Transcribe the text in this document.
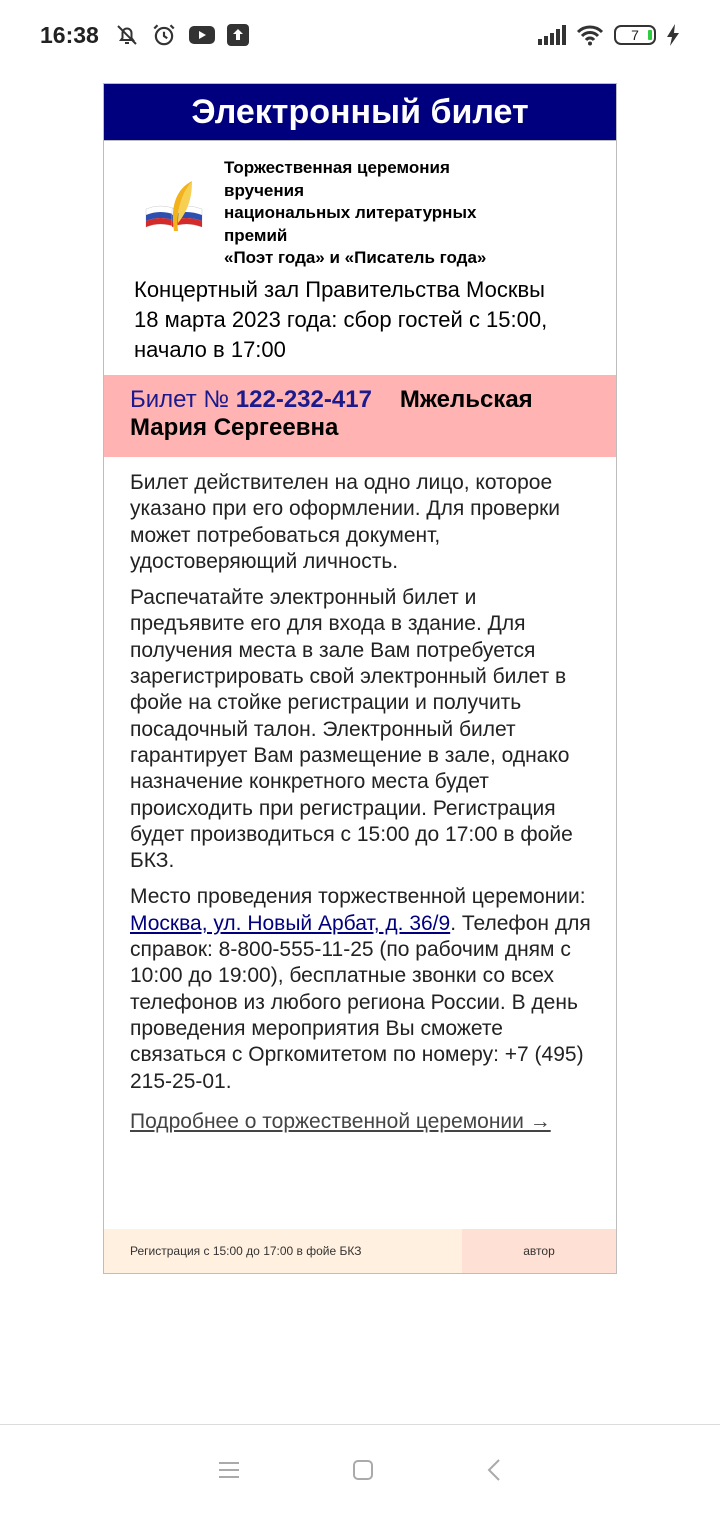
16:38	7
Электронный билет
Торжественная церемония
вручения
национальных литературных
премий
«Поэт года» и «Писатель года»
Концертный зал Правительства Москвы
18 марта 2023 года: сбор гостей с 15:00, начало в 17:00
Билет № 122-232-417 Мжельская Мария Сергеевна

Билет действителен на одно лицо, которое указано при его оформлении. Для проверки может потребоваться документ, удостоверяющий личность.

Распечатайте электронный билет и предъявите его для входа в здание. Для получения места в зале Вам потребуется зарегистрировать свой электронный билет в фойе на стойке регистрации и получить посадочный талон. Электронный билет гарантирует Вам размещение в зале, однако назначение конкретного места будет происходить при регистрации. Регистрация будет производиться с 15:00 до 17:00 в фойе БКЗ.

Место проведения торжественной церемонии: Москва, ул. Новый Арбат, д. 36/9. Телефон для справок: 8-800-555-11-25 (по рабочим дням с 10:00 до 19:00), бесплатные звонки со всех телефонов из любого региона России. В день проведения мероприятия Вы сможете связаться с Оргкомитетом по номеру: +7 (495) 215-25-01.

Подробнее о торжественной церемонии →
Регистрация с 15:00 до 17:00 в фойе БКЗ	автор
